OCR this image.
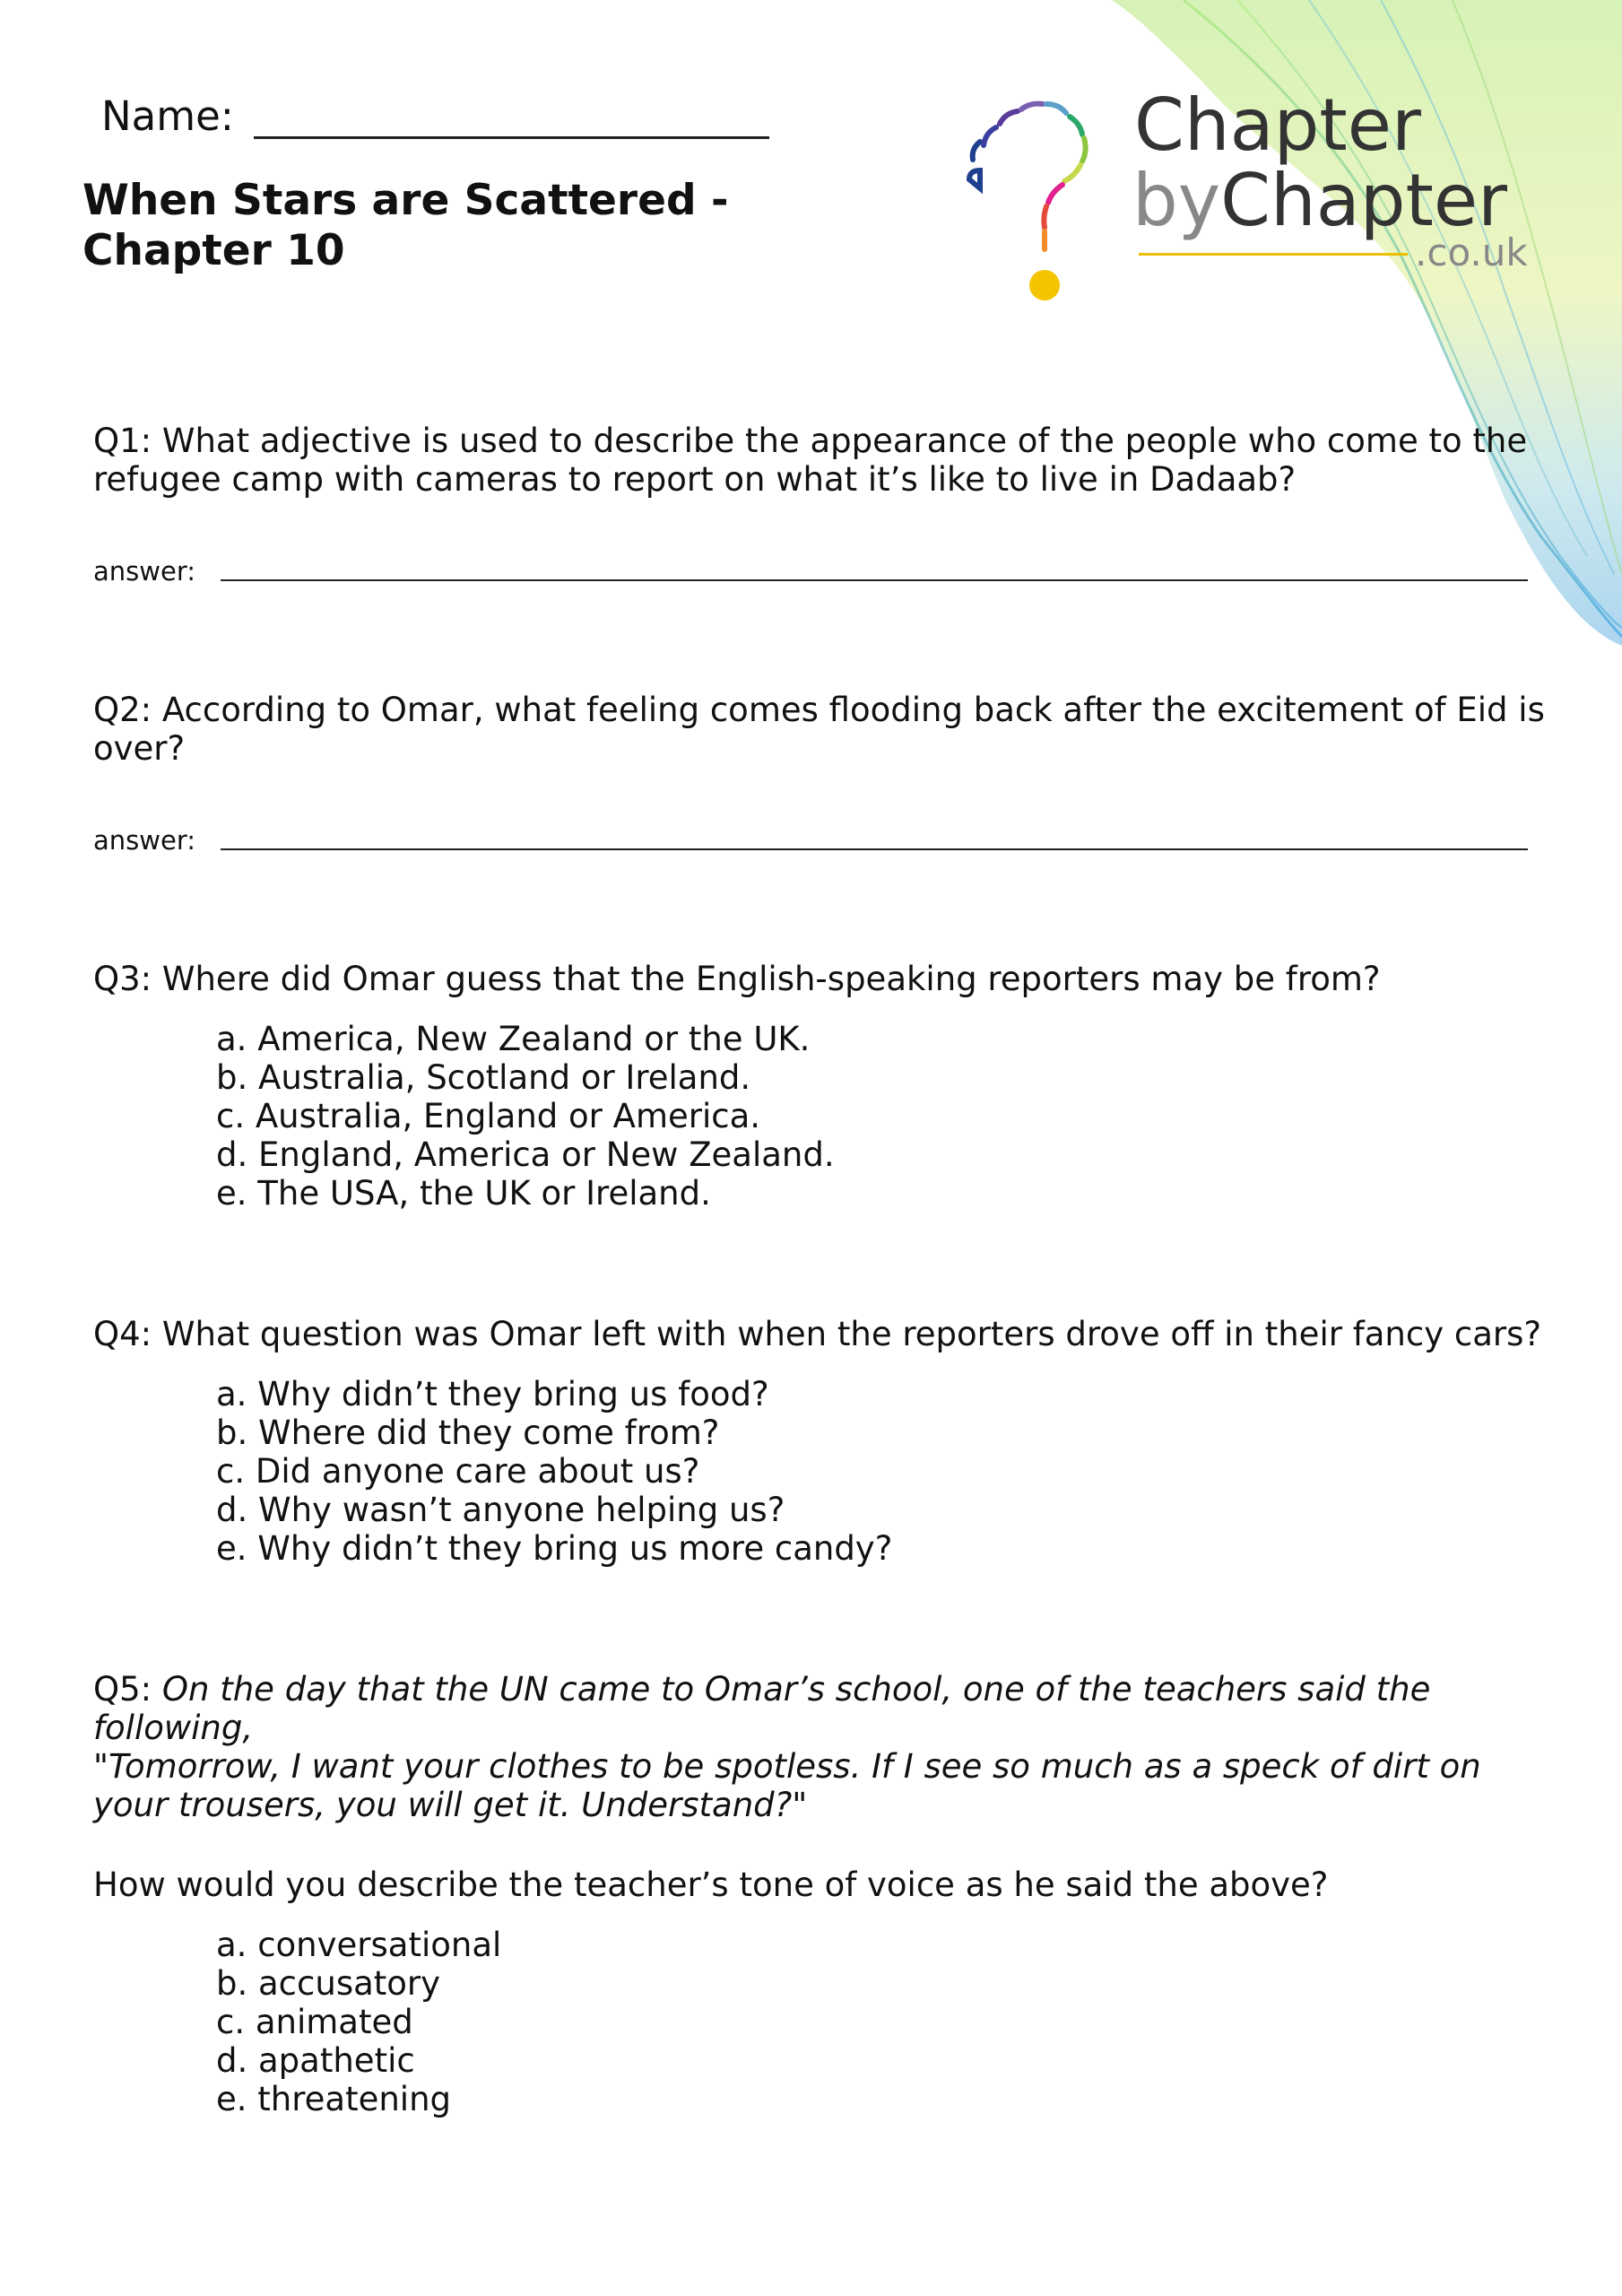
Name:
When Stars are Scattered -
Chapter 10
Chapter
byChapter
.co.uk
Q1: What adjective is used to describe the appearance of the people who come to the refugee camp with cameras to report on what it’s like to live in Dadaab?
answer:
Q2: According to Omar, what feeling comes flooding back after the excitement of Eid is over?
answer:
Q3: Where did Omar guess that the English-speaking reporters may be from?
a. America, New Zealand or the UK.
b. Australia, Scotland or Ireland.
c. Australia, England or America.
d. England, America or New Zealand.
e. The USA, the UK or Ireland.
Q4: What question was Omar left with when the reporters drove off in their fancy cars?
a. Why didn’t they bring us food?
b. Where did they come from?
c. Did anyone care about us?
d. Why wasn’t anyone helping us?
e. Why didn’t they bring us more candy?
Q5: On the day that the UN came to Omar’s school, one of the teachers said the following,
"Tomorrow, I want your clothes to be spotless. If I see so much as a speck of dirt on your trousers, you will get it. Understand?"
How would you describe the teacher’s tone of voice as he said the above?
a. conversational
b. accusatory
c. animated
d. apathetic
e. threatening
